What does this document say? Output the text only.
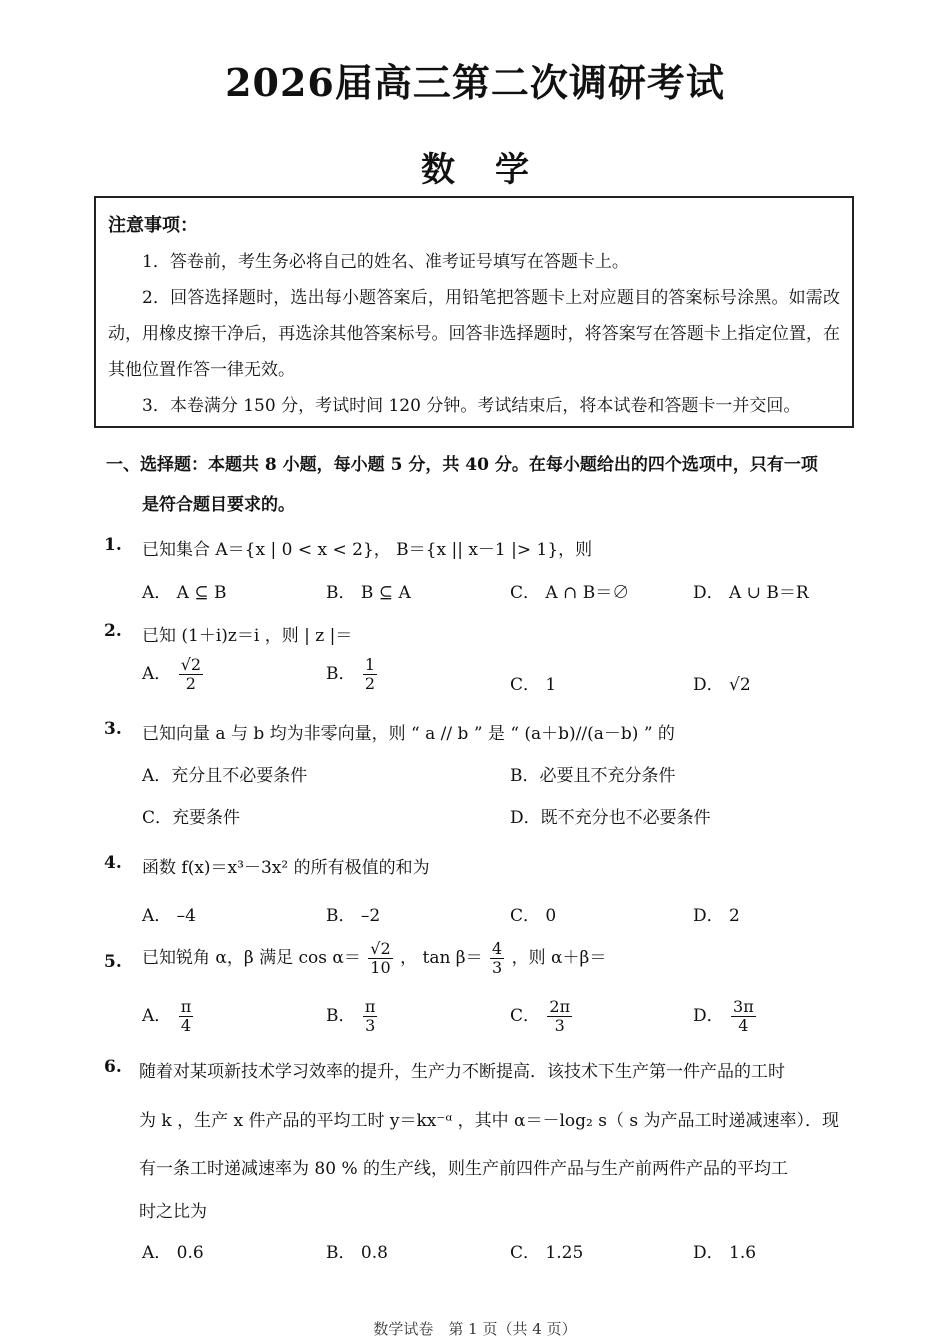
2026届高三第二次调研考试
数学
注意事项：
1．答卷前，考生务必将自己的姓名、准考证号填写在答题卡上。
2．回答选择题时，选出每小题答案后，用铅笔把答题卡上对应题目的答案标号涂黑。如需改动，用橡皮擦干净后，再选涂其他答案标号。回答非选择题时，将答案写在答题卡上指定位置，在其他位置作答一律无效。
3．本卷满分 150 分，考试时间 120 分钟。考试结束后，将本试卷和答题卡一并交回。
一、选择题：本题共 8 小题，每小题 5 分，共 40 分。在每小题给出的四个选项中，只有一项
是符合题目要求的。
1. 已知集合 A＝{x | 0 < x < 2}， B＝{x || x－1 |> 1}，则
A． A ⊆ B	B． B ⊆ A	C． A ∩ B＝∅	D． A ∪ B＝R
2. 已知 (1＋i)z＝i ，则 | z |＝
A． $\frac{√2}{2}$	B． $\frac{1}{2}$	C． 1	D． √2
3. 已知向量 a 与 b 均为非零向量，则 “ a // b ” 是 “ (a＋b)//(a－b) ” 的
A．充分且不必要条件	B．必要且不充分条件
C．充要条件	D．既不充分也不必要条件
4. 函数 f(x)＝x³－3x² 的所有极值的和为
A． –4	B． –2	C． 0	D． 2
5. 已知锐角 α，β 满足 $\cos \alpha= \frac{√2}{10}$ ， $\tan \beta= \frac{4}{3}$ ，则 α＋β＝
A． $\frac{\pi}{4}$	B． $\frac{\pi}{3}$	C． $\frac{2\pi}{3}$	D． $\frac{3\pi}{4}$
6. 随着对某项新技术学习效率的提升，生产力不断提高．该技术下生产第一件产品的工时
为 k ，生产 x 件产品的平均工时 y＝kx⁻ᵅ ，其中 α＝－log₂ s（ s 为产品工时递减速率）．现
有一条工时递减速率为 80 % 的生产线，则生产前四件产品与生产前两件产品的平均工
时之比为
A． 0.6	B． 0.8	C． 1.25	D． 1.6
数学试卷　第 1 页（共 4 页）
